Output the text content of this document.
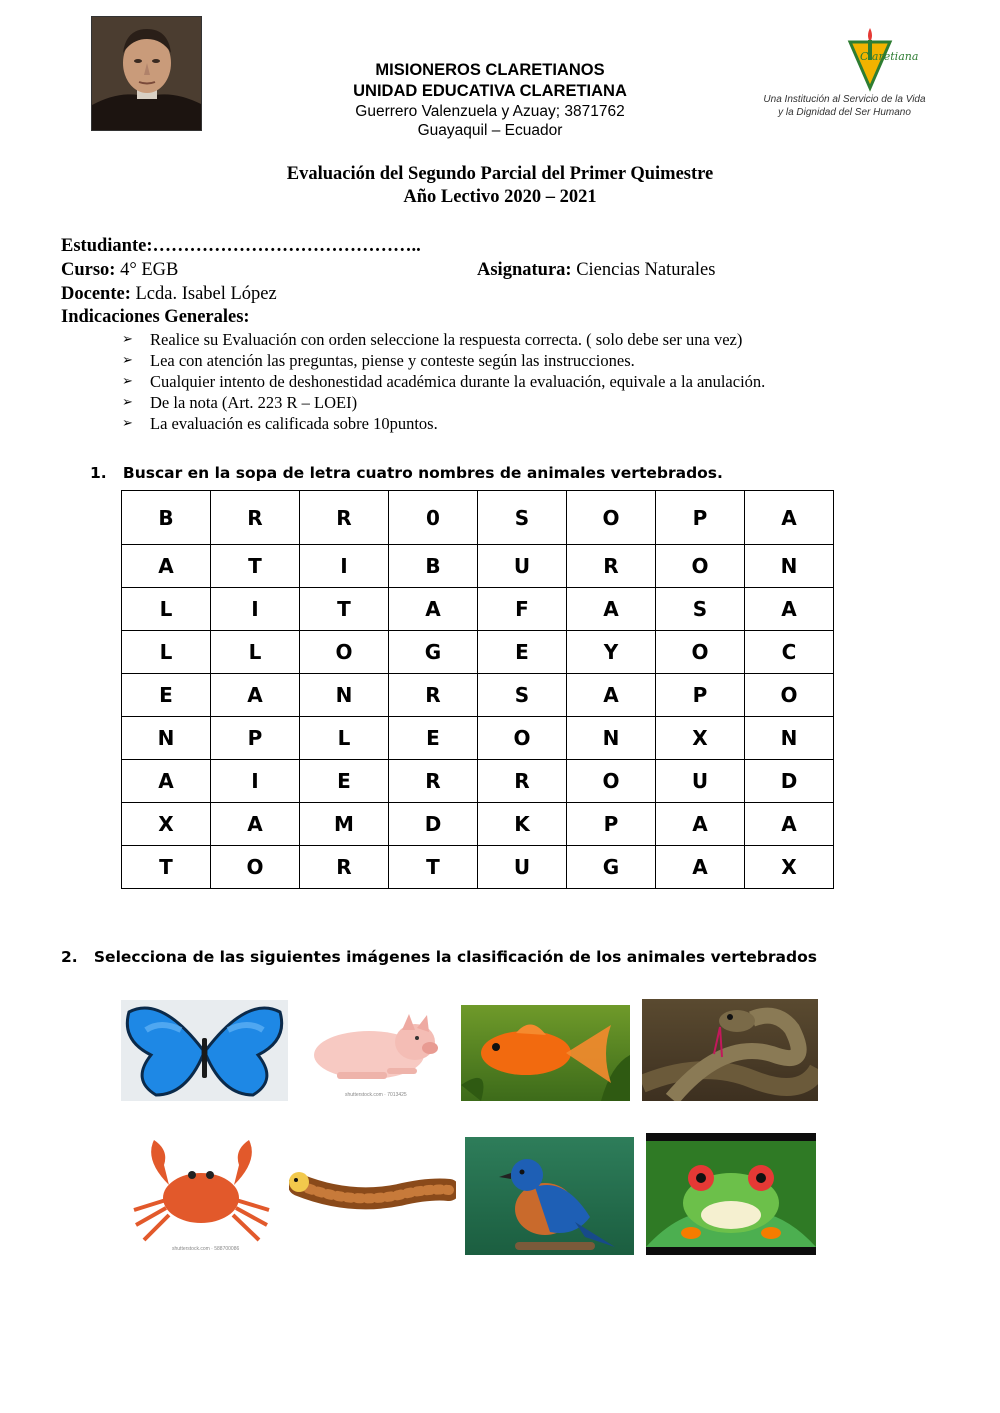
MISIONEROS CLARETIANOS
UNIDAD EDUCATIVA CLARETIANA
Guerrero Valenzuela y Azuay; 3871762
Guayaquil – Ecuador
Claretiana
Una Institución al Servicio de la Vida
y la Dignidad del Ser Humano
Evaluación del Segundo Parcial del Primer Quimestre
Año Lectivo 2020 – 2021
Estudiante:……………………………………..
Curso: 4° EGB	Asignatura: Ciencias Naturales
Docente: Lcda. Isabel López
Indicaciones Generales:
➢	Realice su Evaluación con orden seleccione la respuesta correcta. ( solo debe ser una vez)
➢	Lea con atención las preguntas, piense y conteste según las instrucciones.
➢	Cualquier intento de deshonestidad académica durante la evaluación, equivale a la anulación.
➢	De la nota (Art. 223 R – LOEI)
➢	La evaluación es calificada sobre 10puntos.
1. Buscar en la sopa de letra cuatro nombres de animales vertebrados.
B	R	R	0	S	O	P	A
A	T	I	B	U	R	O	N
L	I	T	A	F	A	S	A
L	L	O	G	E	Y	O	C
E	A	N	R	S	A	P	O
N	P	L	E	O	N	X	N
A	I	E	R	R	O	U	D
X	A	M	D	K	P	A	A
T	O	R	T	U	G	A	X
2. Selecciona de las siguientes imágenes la clasificación de los animales vertebrados
shutterstock.com · 7013425
shutterstock.com · 588700086
